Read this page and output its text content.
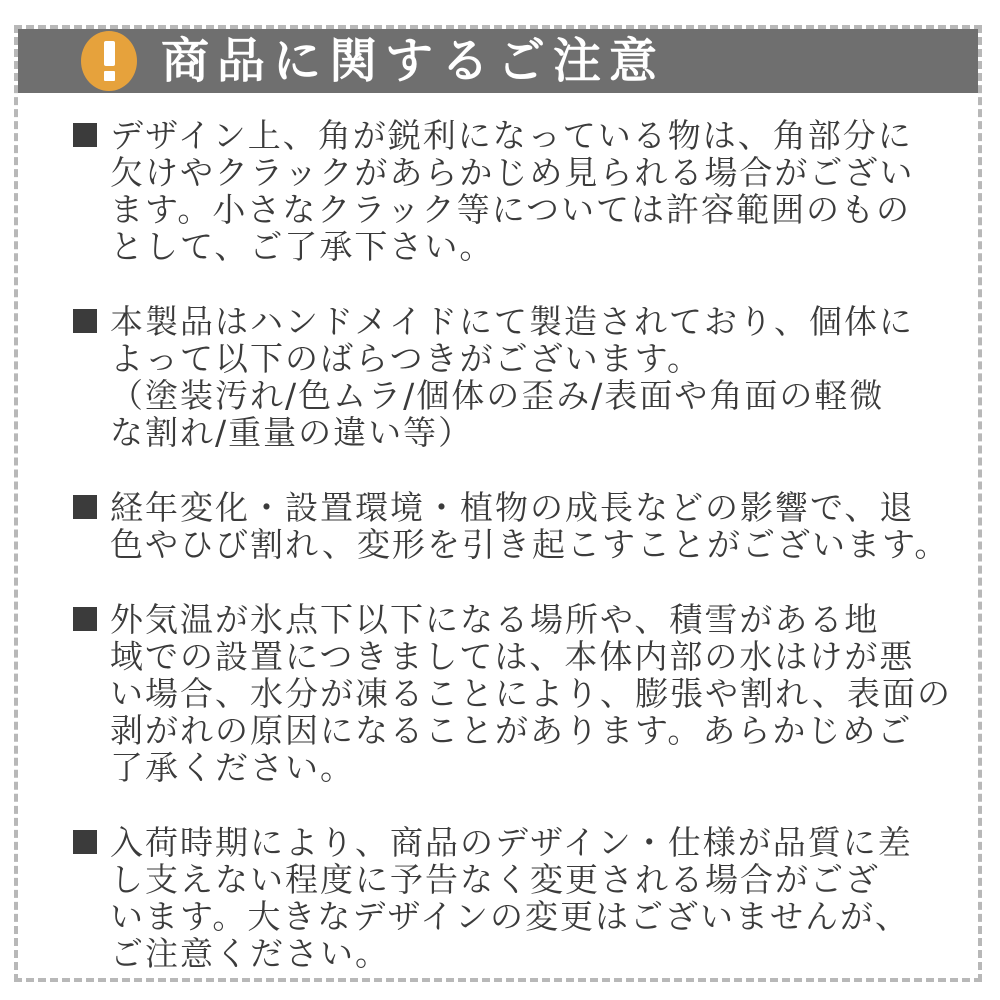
商品に関するご注意
デザイン上、角が鋭利になっている物は、角部分に
欠けやクラックがあらかじめ見られる場合がござい
ます。小さなクラック等については許容範囲のもの
として、ご了承下さい。
本製品はハンドメイドにて製造されており、個体に
よって以下のばらつきがございます。
（塗装汚れ/色ムラ/個体の歪み/表面や角面の軽微
な割れ/重量の違い等）
経年変化・設置環境・植物の成長などの影響で、退
色やひび割れ、変形を引き起こすことがございます。
外気温が氷点下以下になる場所や、積雪がある地
域での設置につきましては、本体内部の水はけが悪
い場合、水分が凍ることにより、膨張や割れ、表面の
剥がれの原因になることがあります。あらかじめご
了承ください。
入荷時期により、商品のデザイン・仕様が品質に差
し支えない程度に予告なく変更される場合がござ
います。大きなデザインの変更はございませんが、
ご注意ください。
